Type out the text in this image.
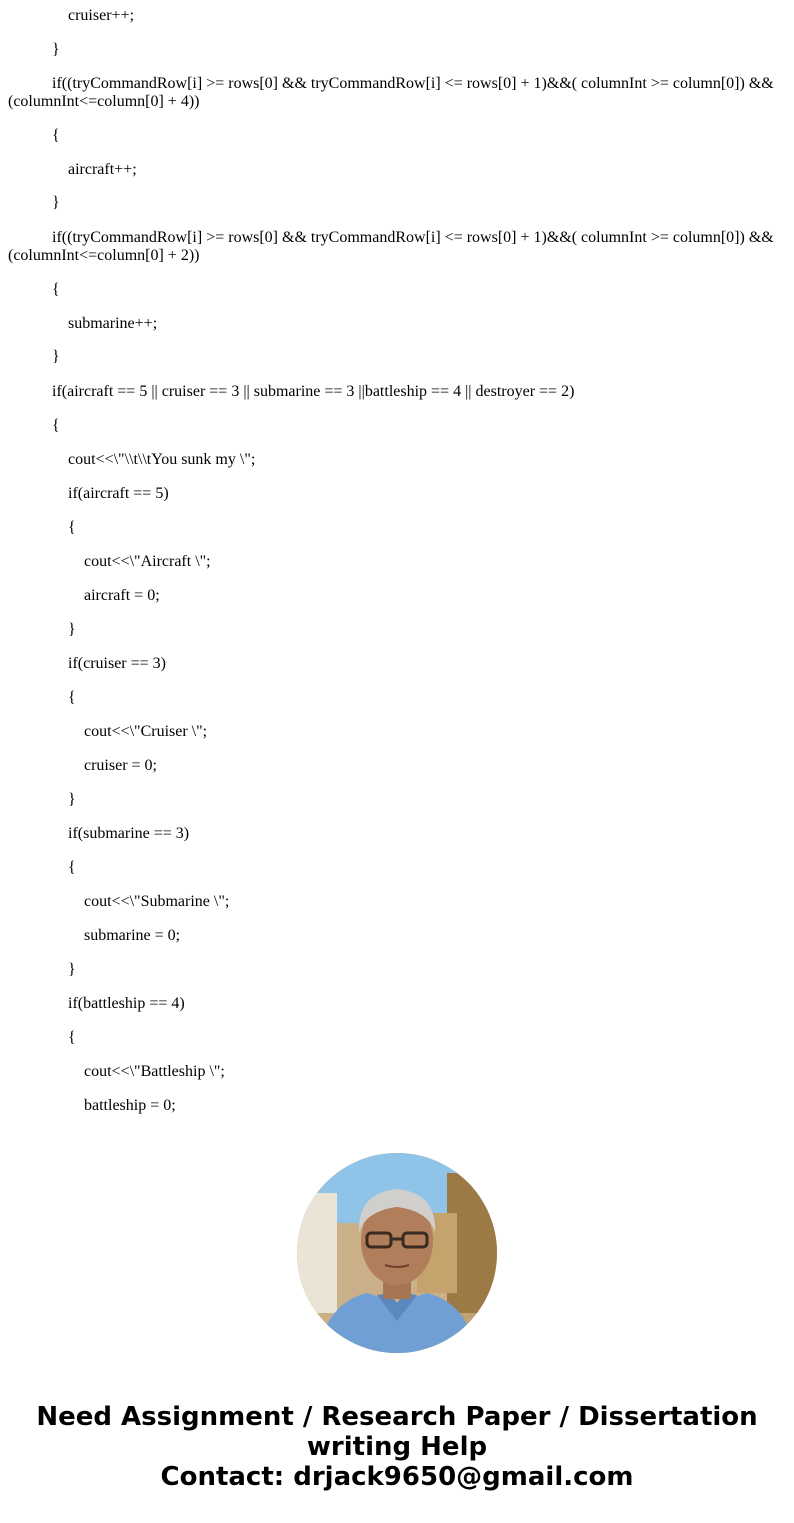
cruiser++;
}
if((tryCommandRow[i] >= rows[0] && tryCommandRow[i] <= rows[0] + 1)&&( columnInt >= column[0]) && (columnInt<=column[0] + 4))
{
aircraft++;
}
if((tryCommandRow[i] >= rows[0] && tryCommandRow[i] <= rows[0] + 1)&&( columnInt >= column[0]) && (columnInt<=column[0] + 2))
{
submarine++;
}
if(aircraft == 5 || cruiser == 3 || submarine == 3 ||battleship == 4 || destroyer == 2)
{
cout<<\"\\t\\tYou sunk my \";
if(aircraft == 5)
{
cout<<\"Aircraft \";
aircraft = 0;
}
if(cruiser == 3)
{
cout<<\"Cruiser \";
cruiser = 0;
}
if(submarine == 3)
{
cout<<\"Submarine \";
submarine = 0;
}
if(battleship == 4)
{
cout<<\"Battleship \";
battleship = 0;
Need Assignment / Research Paper / Dissertation
writing Help
Contact: drjack9650@gmail.com
